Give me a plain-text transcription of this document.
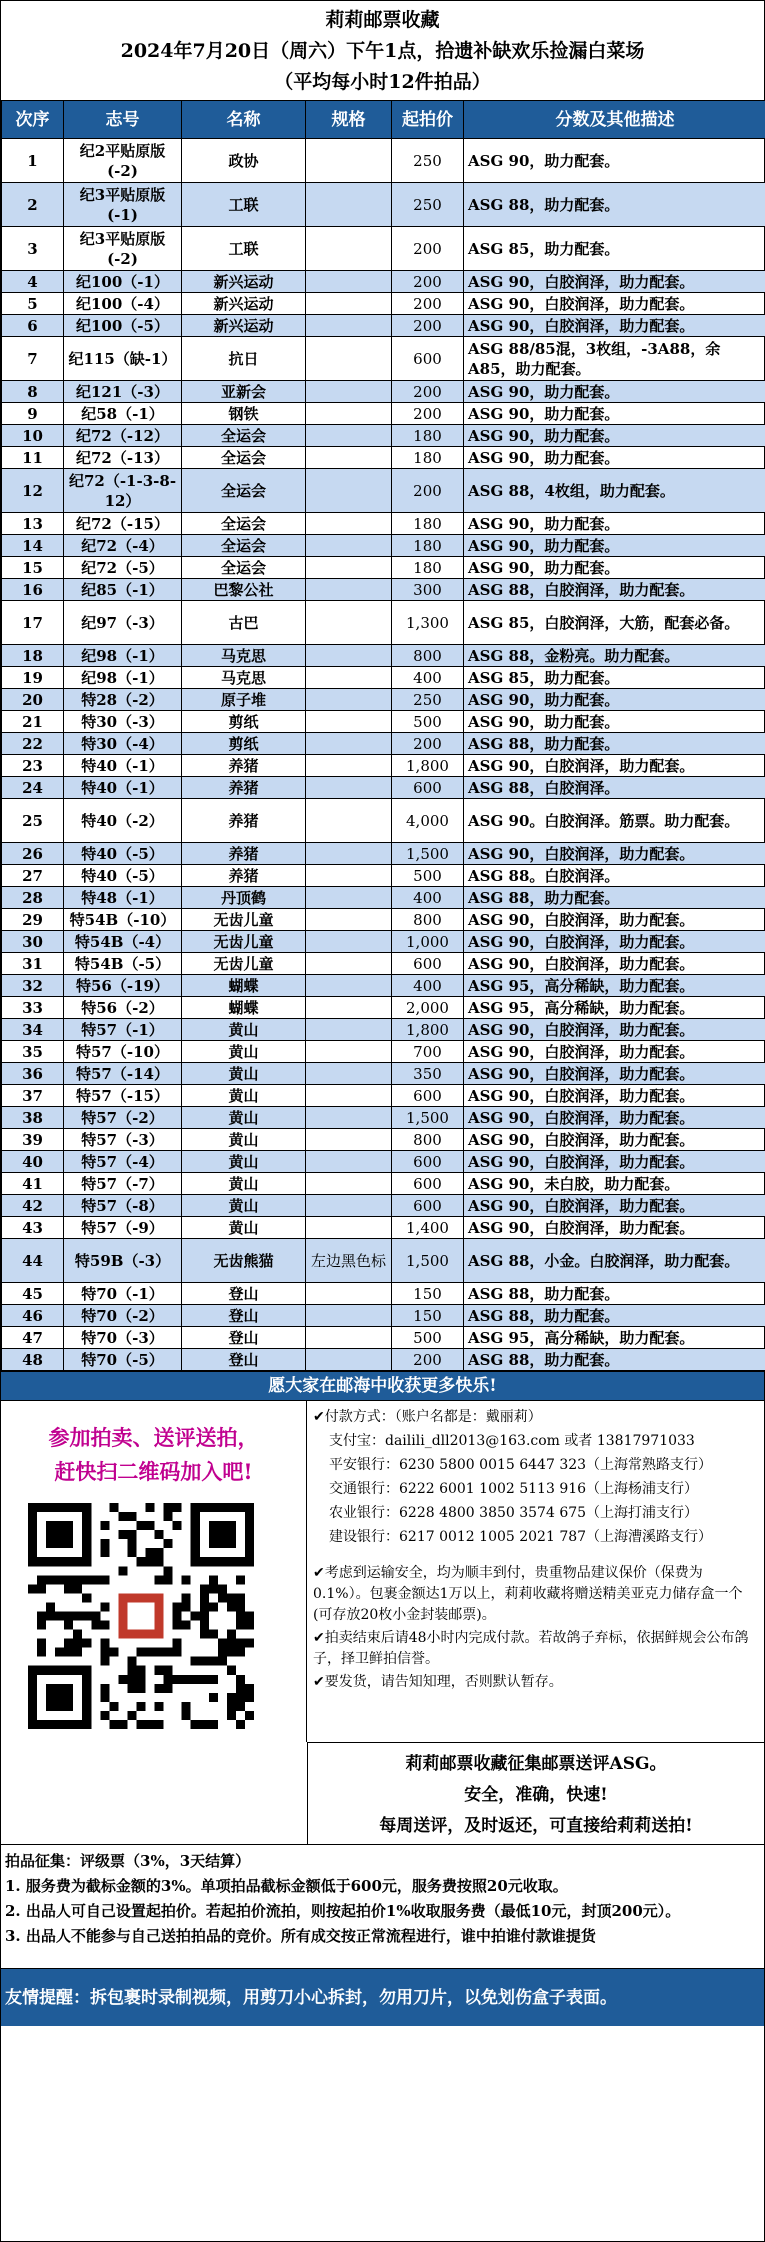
莉莉邮票收藏
2024年7月20日（周六）下午1点，拾遗补缺欢乐捡漏白菜场
（平均每小时12件拍品）
次序	志号	名称	规格	起拍价	分数及其他描述
1	纪2平贴原版(-2)	政协		250	ASG 90，助力配套。
2	纪3平贴原版(-1)	工联		250	ASG 88，助力配套。
3	纪3平贴原版(-2)	工联		200	ASG 85，助力配套。
4	纪100（-1）	新兴运动		200	ASG 90，白胶润泽，助力配套。
5	纪100（-4）	新兴运动		200	ASG 90，白胶润泽，助力配套。
6	纪100（-5）	新兴运动		200	ASG 90，白胶润泽，助力配套。
7	纪115（缺-1）	抗日		600	ASG 88/85混，3枚组，-3A88，余A85，助力配套。
8	纪121（-3）	亚新会		200	ASG 90，助力配套。
9	纪58（-1）	钢铁		200	ASG 90，助力配套。
10	纪72（-12）	全运会		180	ASG 90，助力配套。
11	纪72（-13）	全运会		180	ASG 90，助力配套。
12	纪72（-1-3-8-12）	全运会		200	ASG 88，4枚组，助力配套。
13	纪72（-15）	全运会		180	ASG 90，助力配套。
14	纪72（-4）	全运会		180	ASG 90，助力配套。
15	纪72（-5）	全运会		180	ASG 90，助力配套。
16	纪85（-1）	巴黎公社		300	ASG 88，白胶润泽，助力配套。
17	纪97（-3）	古巴		1,300	ASG 85，白胶润泽，大筋，配套必备。
18	纪98（-1）	马克思		800	ASG 88，金粉亮。助力配套。
19	纪98（-1）	马克思		400	ASG 85，助力配套。
20	特28（-2）	原子堆		250	ASG 90，助力配套。
21	特30（-3）	剪纸		500	ASG 90，助力配套。
22	特30（-4）	剪纸		200	ASG 88，助力配套。
23	特40（-1）	养猪		1,800	ASG 90，白胶润泽，助力配套。
24	特40（-1）	养猪		600	ASG 88，白胶润泽。
25	特40（-2）	养猪		4,000	ASG 90。白胶润泽。筋票。助力配套。
26	特40（-5）	养猪		1,500	ASG 90，白胶润泽，助力配套。
27	特40（-5）	养猪		500	ASG 88。白胶润泽。
28	特48（-1）	丹顶鹤		400	ASG 88，助力配套。
29	特54B（-10）	无齿儿童		800	ASG 90，白胶润泽，助力配套。
30	特54B（-4）	无齿儿童		1,000	ASG 90，白胶润泽，助力配套。
31	特54B（-5）	无齿儿童		600	ASG 90，白胶润泽，助力配套。
32	特56（-19）	蝴蝶		400	ASG 95，高分稀缺，助力配套。
33	特56（-2）	蝴蝶		2,000	ASG 95，高分稀缺，助力配套。
34	特57（-1）	黄山		1,800	ASG 90，白胶润泽，助力配套。
35	特57（-10）	黄山		700	ASG 90，白胶润泽，助力配套。
36	特57（-14）	黄山		350	ASG 90，白胶润泽，助力配套。
37	特57（-15）	黄山		600	ASG 90，白胶润泽，助力配套。
38	特57（-2）	黄山		1,500	ASG 90，白胶润泽，助力配套。
39	特57（-3）	黄山		800	ASG 90，白胶润泽，助力配套。
40	特57（-4）	黄山		600	ASG 90，白胶润泽，助力配套。
41	特57（-7）	黄山		600	ASG 90，未白胶，助力配套。
42	特57（-8）	黄山		600	ASG 90，白胶润泽，助力配套。
43	特57（-9）	黄山		1,400	ASG 90，白胶润泽，助力配套。
44	特59B（-3）	无齿熊猫	左边黑色标	1,500	ASG 88，小金。白胶润泽，助力配套。
45	特70（-1）	登山		150	ASG 88，助力配套。
46	特70（-2）	登山		150	ASG 88，助力配套。
47	特70（-3）	登山		500	ASG 95，高分稀缺，助力配套。
48	特70（-5）	登山		200	ASG 88，助力配套。
愿大家在邮海中收获更多快乐!
参加拍卖、送评送拍，
赶快扫二维码加入吧!
✔付款方式：（账户名都是：戴丽莉）
支付宝：dailili_dll2013@163.com 或者 13817971033
平安银行：6230 5800 0015 6447 323（上海常熟路支行）
交通银行：6222 6001 1002 5113 916（上海杨浦支行）
农业银行：6228 4800 3850 3574 675（上海打浦支行）
建设银行：6217 0012 1005 2021 787（上海漕溪路支行）
✔考虑到运输安全，均为顺丰到付，贵重物品建议保价（保费为0.1%）。包裹金额达1万以上，莉莉收藏将赠送精美亚克力储存盒一个(可存放20枚小金封装邮票)。
✔拍卖结束后请48小时内完成付款。若故鸽子弃标，依据鲜规会公布鸽子，择卫鲜拍信誉。
✔要发货，请告知知理，否则默认暂存。
莉莉邮票收藏征集邮票送评ASG。
安全，准确，快速!
每周送评，及时返还，可直接给莉莉送拍!
拍品征集：评级票（3%，3天结算）
1. 服务费为截标金额的3%。单项拍品截标金额低于600元，服务费按照20元收取。
2. 出品人可自己设置起拍价。若起拍价流拍，则按起拍价1%收取服务费（最低10元，封顶200元）。
3. 出品人不能参与自己送拍拍品的竞价。所有成交按正常流程进行，谁中拍谁付款谁提货
友情提醒：拆包裹时录制视频，用剪刀小心拆封，勿用刀片，以免划伤盒子表面。
